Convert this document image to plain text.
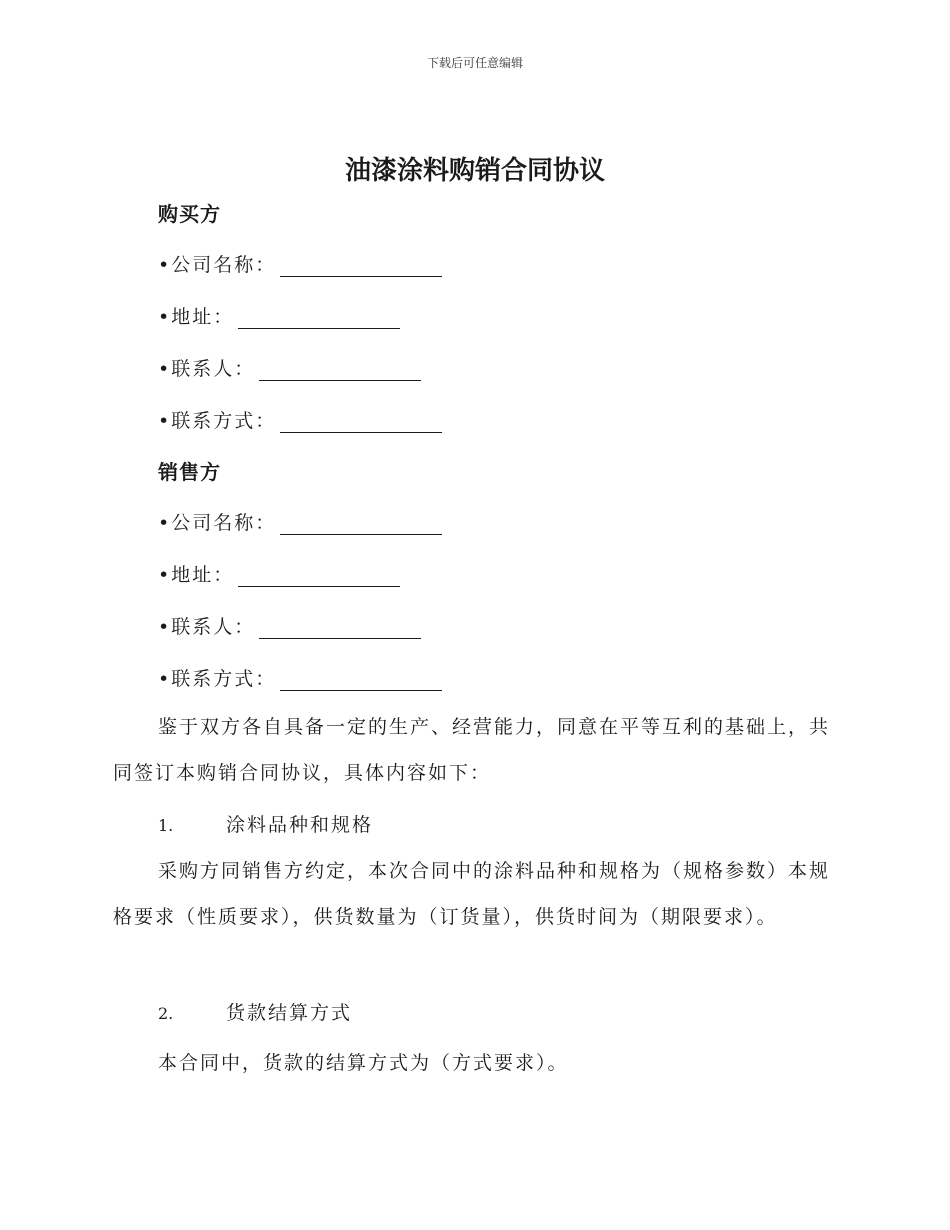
下载后可任意编辑
油漆涂料购销合同协议
购买方
•公司名称：
•地址：
•联系人：
•联系方式：
销售方
•公司名称：
•地址：
•联系人：
•联系方式：
鉴于双方各自具备一定的生产、经营能力，同意在平等互利的基础上，共同签订本购销合同协议，具体内容如下：
1.	涂料品种和规格
采购方同销售方约定，本次合同中的涂料品种和规格为（规格参数）本规格要求（性质要求），供货数量为（订货量），供货时间为（期限要求）。
2.	货款结算方式
本合同中，货款的结算方式为（方式要求）。
